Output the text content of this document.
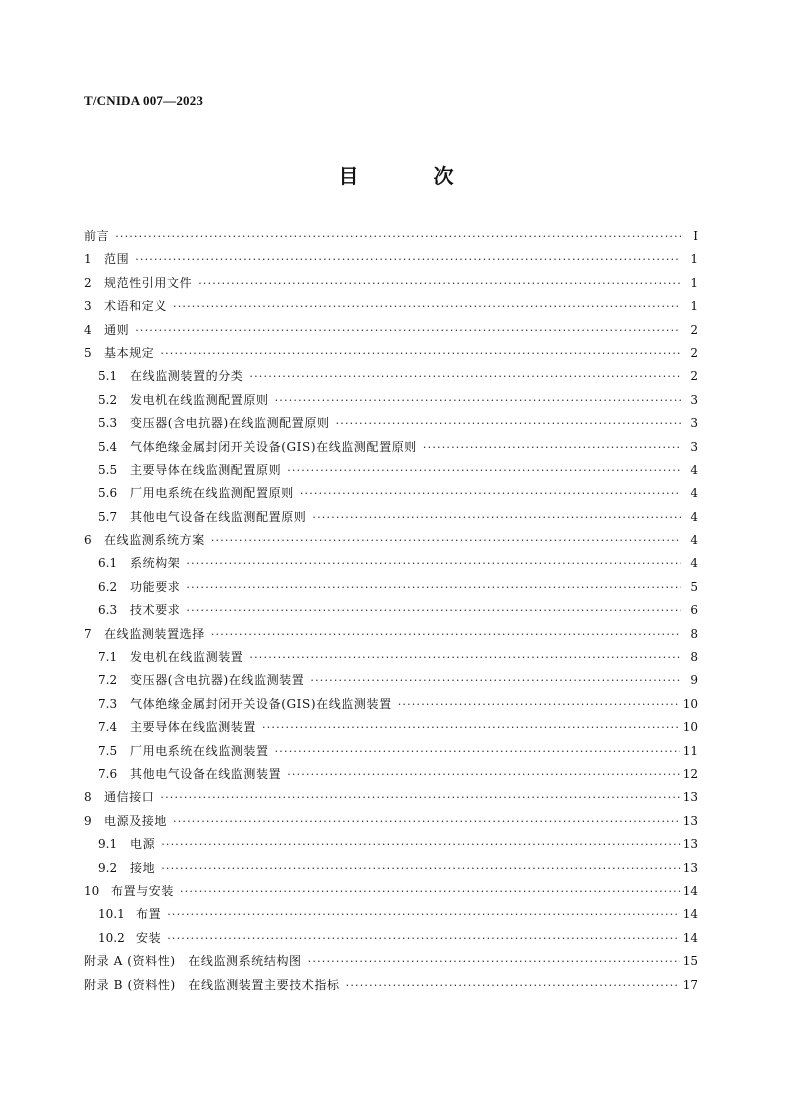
T/CNIDA 007—2023
目 次
前言 ·····	I
1	范围 ·····	1
2	规范性引用文件 ·····	1
3	术语和定义 ·····	1
4	通则 ·····	2
5	基本规定 ·····	2
5.1	在线监测装置的分类 ·····	2
5.2	发电机在线监测配置原则 ·····	3
5.3	变压器(含电抗器)在线监测配置原则 ·····	3
5.4	气体绝缘金属封闭开关设备(GIS)在线监测配置原则 ·····	3
5.5	主要导体在线监测配置原则 ·····	4
5.6	厂用电系统在线监测配置原则 ·····	4
5.7	其他电气设备在线监测配置原则 ·····	4
6	在线监测系统方案 ·····	4
6.1	系统构架 ·····	4
6.2	功能要求 ·····	5
6.3	技术要求 ·····	6
7	在线监测装置选择 ·····	8
7.1	发电机在线监测装置 ·····	8
7.2	变压器(含电抗器)在线监测装置 ·····	9
7.3	气体绝缘金属封闭开关设备(GIS)在线监测装置 ·····	10
7.4	主要导体在线监测装置 ·····	10
7.5	厂用电系统在线监测装置 ·····	11
7.6	其他电气设备在线监测装置 ·····	12
8	通信接口 ·····	13
9	电源及接地 ·····	13
9.1	电源 ·····	13
9.2	接地 ·····	13
10 布置与安装 ·····	14
10.1 布置 ·····	14
10.2 安装 ·····	14
附录 A (资料性)　在线监测系统结构图 ·····	15
附录 B (资料性)　在线监测装置主要技术指标 ·····	17
